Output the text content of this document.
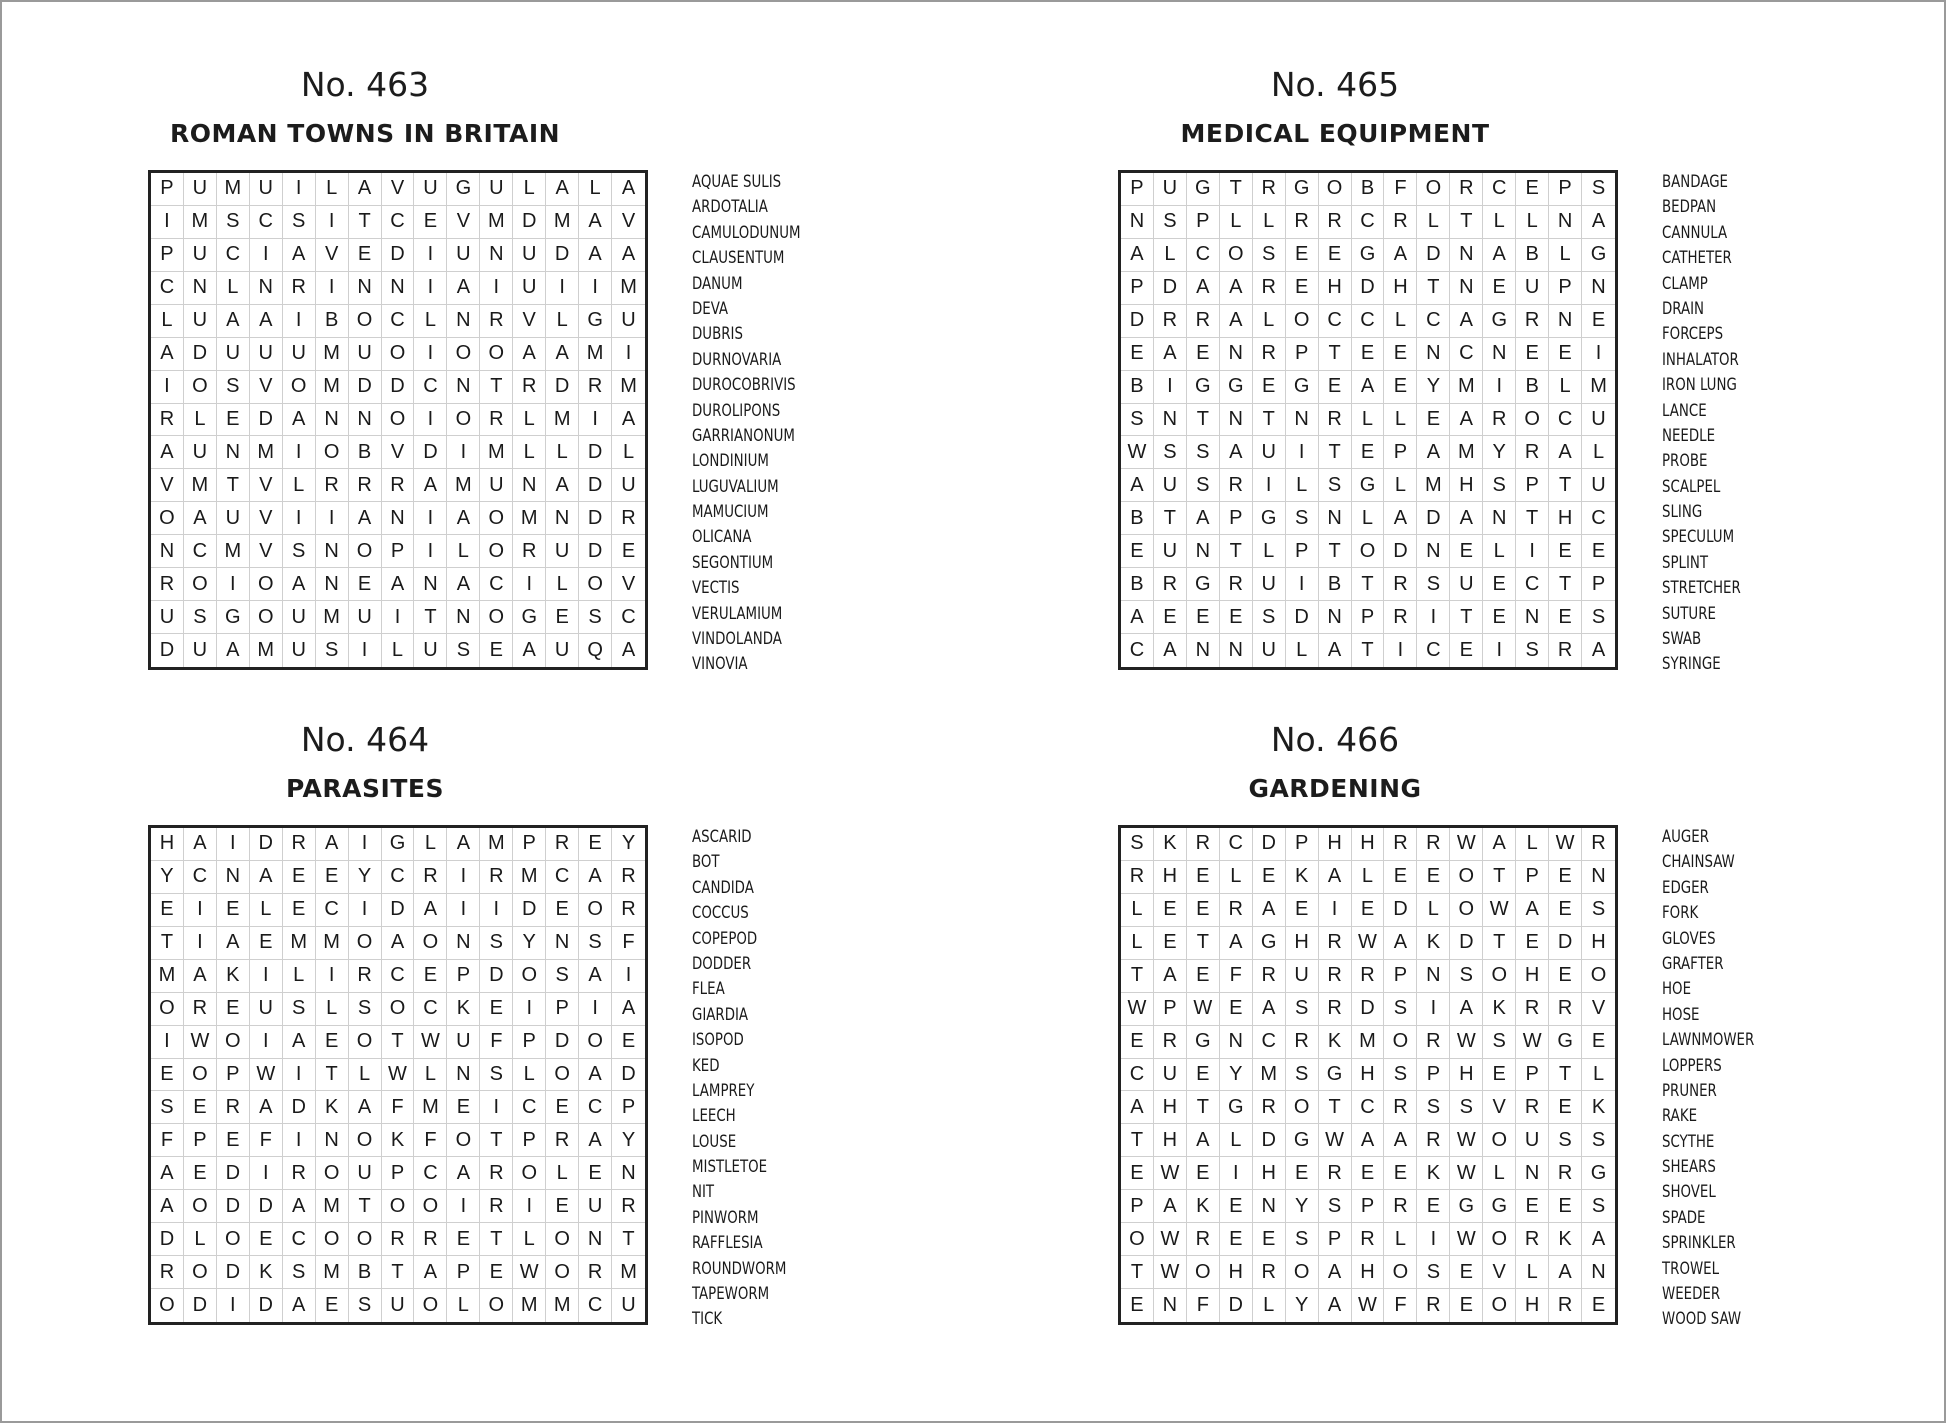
No. 463
ROMAN TOWNS IN BRITAIN
P U M U	I	L	A V U G U	L	A	L	A
I	M S C S	I	T C E V M D M A	V
P U C	I	A V E D	I	U N U D A	A
C N	L	N R	I	N N	I	A	I	U	I	I	M
L	U A A	I	B O C	L	N R V	L G U
A D U U U M U O	I	O O A A M	I
I	O S V O M D D C N T R D R M
R	L	E D A N N O	I	O R	L M	I	A
A U N M	I	O B V D	I	M L	L	D	L
V M T	V	L	R R R A M U N A D U
O A U V	I	I	A N	I	A O M N D R
N C M V S N O P	I	L O R U D E
R O	I	O A N E A N A C	I	L O V
U S G O U M U	I	T N O G E S C
D U A M U S	I	L	U S E A U Q A
AQUAE SULIS
ARDOTALIA
CAMULODUNUM
CLAUSENTUM
DANUM
DEVA
DUBRIS
DURNOVARIA
DUROCOBRIVIS
DUROLIPONS
GARRIANONUM
LONDINIUM
LUGUVALIUM
MAMUCIUM
OLICANA
SEGONTIUM
VECTIS
VERULAMIUM
VINDOLANDA
VINOVIA
No. 465
MEDICAL EQUIPMENT
P U G T R G O B	F O R C E P	S
N S P	L	L	R R C R	L	T	L	L	N A
A	L	C O S E E G A D N A B	L	G
P D A A R E H D H T N E U P N
D R R A	L O C C	L	C A G R N E
E A E N R P	T	E E N C N E E	I
B	I	G G E G E A E Y M	I	B	L M
S N T N T N R	L	L	E A R O C U
W S S A U	I	T	E P A M Y R A	L
A U S R	I	L	S G L M H S P	T	U
B	T	A P G S N	L	A D A N T H C
E U N T	L	P	T O D N E	L	I	E	E
B R G R U	I	B	T R S U E C T	P
A E E E S D N P R	I	T	E N E	S
C A N N U	L	A	T	I	C E	I	S R A
BANDAGE
BEDPAN
CANNULA
CATHETER
CLAMP
DRAIN
FORCEPS
INHALATOR
IRON LUNG
LANCE
NEEDLE
PROBE
SCALPEL
SLING
SPECULUM
SPLINT
STRETCHER
SUTURE
SWAB
SYRINGE
No. 464
PARASITES
H A	I	D R A	I	G L	A M P R E	Y
Y C N A E E Y C R	I	R M C A R
E	I	E	L	E C	I	D A	I	I	D E O R
T	I	A E M M O A O N S Y N S	F
M A K	I	L	I	R C E P D O S A	I
O R E U S	L	S O C K E	I	P	I	A
I	W O	I	A E O T W U F	P D O E
E O P W	I	T	L W L	N S	L O A D
S E R A D K A	F M E	I	C E C P
F	P E	F	I	N O K	F O T	P R A	Y
A E D	I	R O U P C A R O L	E N
A O D D A M T O O	I	R	I	E U R
D	L O E C O O R R E	T	L O N	T
R O D K S M B	T	A P E W O R M
O D	I	D A E S U O L O M M C U
ASCARID
BOT
CANDIDA
COCCUS
COPEPOD
DODDER
FLEA
GIARDIA
ISOPOD
KED
LAMPREY
LEECH
LOUSE
MISTLETOE
NIT
PINWORM
RAFFLESIA
ROUNDWORM
TAPEWORM
TICK
No. 466
GARDENING
S K R C D P H H R R W A	L W R
R H E	L	E K A	L	E E O T	P E N
L	E E R A E	I	E D	L O W A E	S
L	E	T	A G H R W A K D T	E D H
T	A E	F R U R R P N S O H E O
W P W E A S R D S	I	A K R R V
E R G N C R K M O R W S W G E
C U E Y M S G H S P H E P	T	L
A H T G R O T C R S S V R E	K
T H A	L	D G W A A R W O U S	S
E W E	I	H E R E E K W L	N R G
P A K E N Y S P R E G G E E	S
O W R E E S P R	L	I	W O R K	A
T W O H R O A H O S E V	L	A N
E N F D	L	Y A W F R E O H R E
AUGER
CHAINSAW
EDGER
FORK
GLOVES
GRAFTER
HOE
HOSE
LAWNMOWER
LOPPERS
PRUNER
RAKE
SCYTHE
SHEARS
SHOVEL
SPADE
SPRINKLER
TROWEL
WEEDER
WOOD SAW
